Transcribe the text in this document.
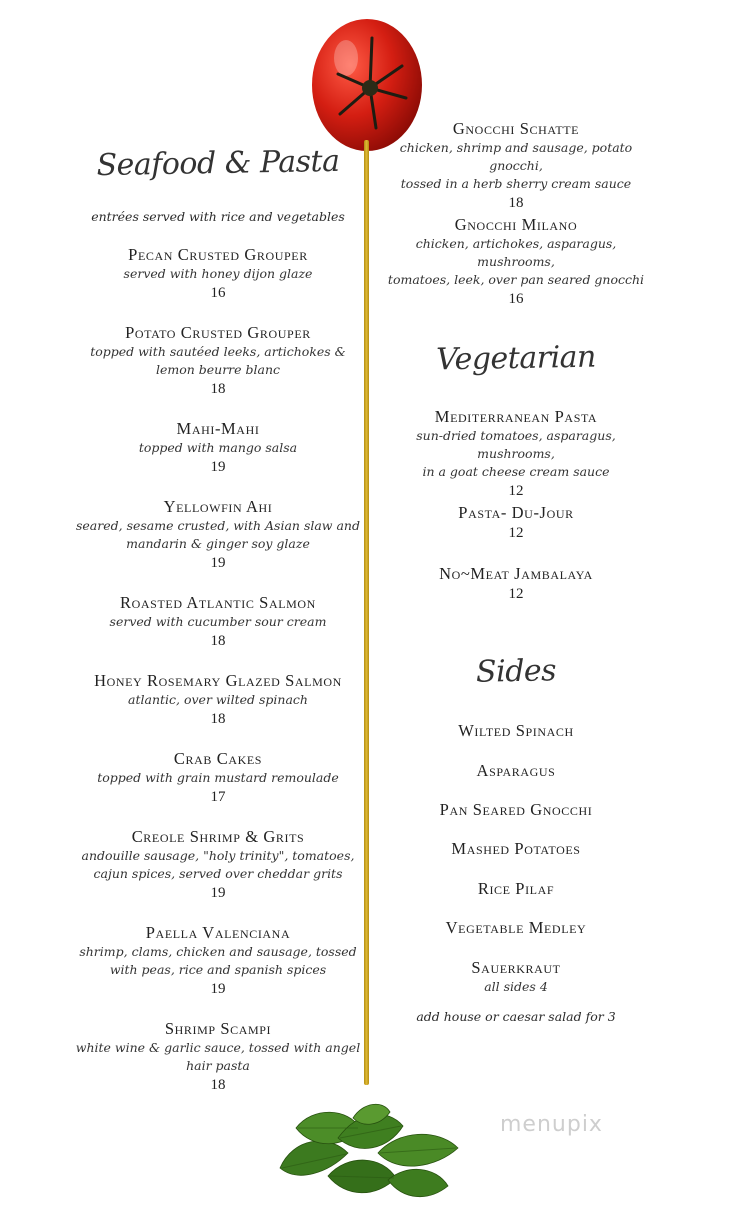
Seafood & Pasta
entrées served with rice and vegetables
Pecan Crusted Grouper
served with honey dijon glaze
16
Potato Crusted Grouper
topped with sautéed leeks, artichokes &
lemon beurre blanc
18
Mahi-Mahi
topped with mango salsa
19
Yellowfin Ahi
seared, sesame crusted, with Asian slaw and
mandarin & ginger soy glaze
19
Roasted Atlantic Salmon
served with cucumber sour cream
18
Honey Rosemary Glazed Salmon
atlantic, over wilted spinach
18
Crab Cakes
topped with grain mustard remoulade
17
Creole Shrimp & Grits
andouille sausage, "holy trinity", tomatoes,
cajun spices, served over cheddar grits
19
Paella Valenciana
shrimp, clams, chicken and sausage, tossed
with peas, rice and spanish spices
19
Shrimp Scampi
white wine & garlic sauce, tossed with angel
hair pasta
18
Gnocchi Schatte
chicken, shrimp and sausage, potato gnocchi,
tossed in a herb sherry cream sauce
18
Gnocchi Milano
chicken, artichokes, asparagus, mushrooms,
tomatoes, leek, over pan seared gnocchi
16
Vegetarian
Mediterranean Pasta
sun-dried tomatoes, asparagus, mushrooms,
in a goat cheese cream sauce
12
Pasta- Du-Jour
12
No~Meat Jambalaya
12
Sides
Wilted Spinach
Asparagus
Pan Seared Gnocchi
Mashed Potatoes
Rice Pilaf
Vegetable Medley
Sauerkraut
all sides 4
add house or caesar salad for 3
menupix
